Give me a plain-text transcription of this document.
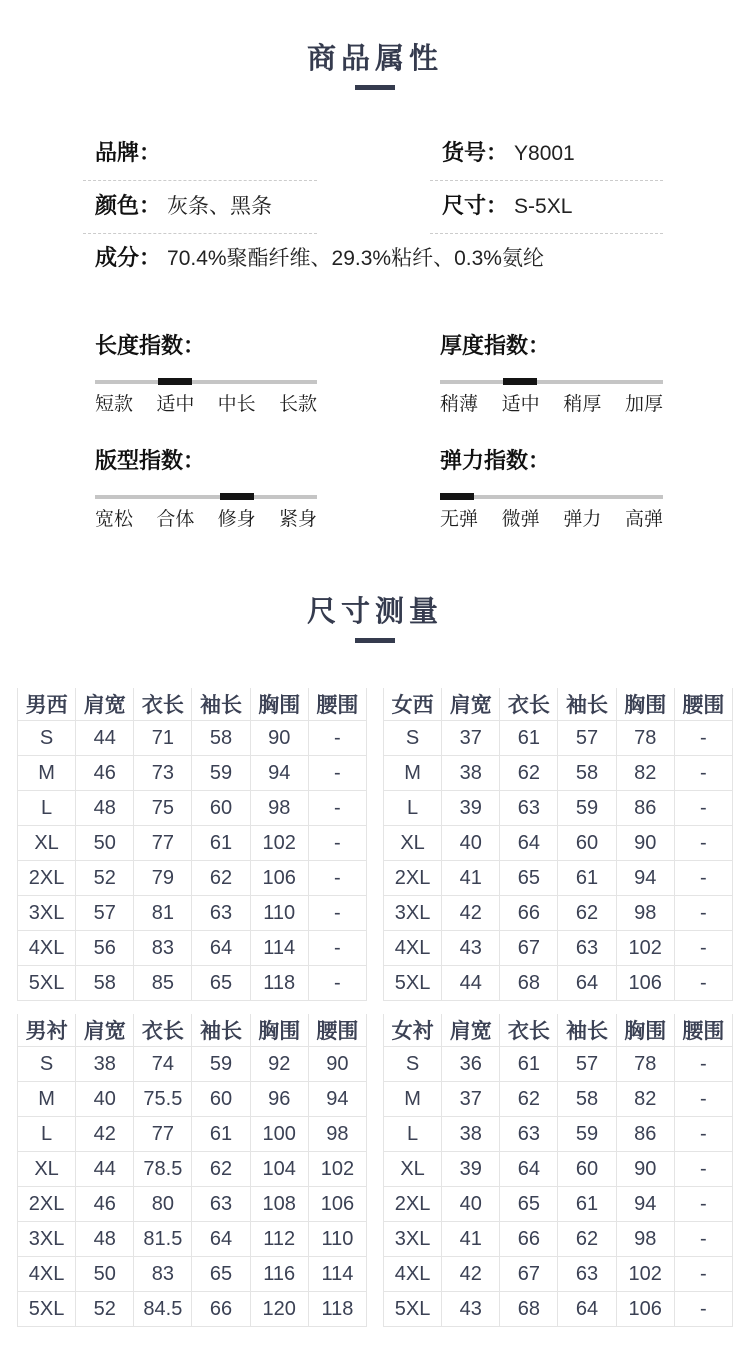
商品属性
品牌：	货号： Y8001
颜色： 灰条、黑条	尺寸： S-5XL
成分： 70.4%聚酯纤维、29.3%粘纤、0.3%氨纶
长度指数：
短款 适中 中长 长款
厚度指数：
稍薄 适中 稍厚 加厚
版型指数：
宽松 合体 修身 紧身
弹力指数：
无弹 微弹 弹力 高弹
尺寸测量
男西	肩宽	衣长	袖长	胸围	腰围
S	44	71	58	90	-
M	46	73	59	94	-
L	48	75	60	98	-
XL	50	77	61	102	-
2XL	52	79	62	106	-
3XL	57	81	63	110	-
4XL	56	83	64	114	-
5XL	58	85	65	118	-
女西	肩宽	衣长	袖长	胸围	腰围
S	37	61	57	78	-
M	38	62	58	82	-
L	39	63	59	86	-
XL	40	64	60	90	-
2XL	41	65	61	94	-
3XL	42	66	62	98	-
4XL	43	67	63	102	-
5XL	44	68	64	106	-
男衬	肩宽	衣长	袖长	胸围	腰围
S	38	74	59	92	90
M	40	75.5	60	96	94
L	42	77	61	100	98
XL	44	78.5	62	104	102
2XL	46	80	63	108	106
3XL	48	81.5	64	112	110
4XL	50	83	65	116	114
5XL	52	84.5	66	120	118
女衬	肩宽	衣长	袖长	胸围	腰围
S	36	61	57	78	-
M	37	62	58	82	-
L	38	63	59	86	-
XL	39	64	60	90	-
2XL	40	65	61	94	-
3XL	41	66	62	98	-
4XL	42	67	63	102	-
5XL	43	68	64	106	-
